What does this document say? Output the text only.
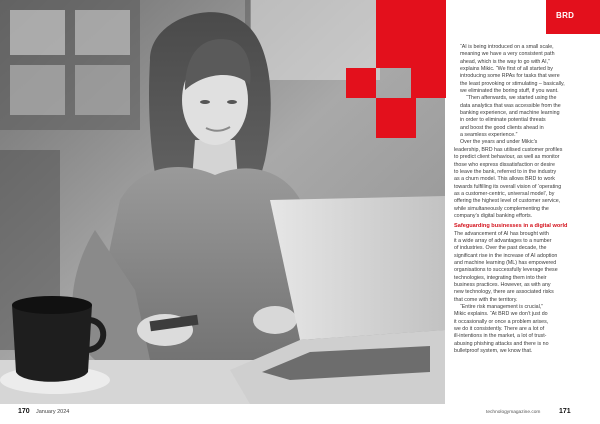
170 January 2024
BRD

“AI is being introduced on a small scale,
meaning we have a very consistent path
ahead, which is the way to go with AI,”
explains Mikic. “We first of all started by
introducing some RPAs for tasks that were
the least provoking or stimulating – basically,
we eliminated the boring stuff, if you want.
“Then afterwards, we started using the
data analytics that was accessible from the
banking experience, and machine learning
in order to eliminate potential threats
and boost the good clients ahead in
a seamless experience.”

Over the years and under Mikic’s
leadership, BRD has utilised customer profiles
to predict client behaviour, as well as monitor
those who express dissatisfaction or desire
to leave the bank, referred to in the industry
as a churn model. This allows BRD to work
towards fulfilling its overall vision of ‘operating
as a customer-centric, universal model’, by
offering the highest level of customer service,
while simultaneously complementing the
company’s digital banking efforts.

Safeguarding businesses in a digital world

The advancement of AI has brought with
it a wide array of advantages to a number
of industries. Over the past decade, the
significant rise in the increase of AI adoption
and machine learning (ML) has empowered
organisations to successfully leverage these
technologies, integrating them into their
business practices. However, as with any
new technology, there are associated risks
that come with the territory.

“Entire risk management is crucial,”
Mikic explains. “At BRD we don’t just do
it occasionally or once a problem arises,
we do it consistently. There are a lot of
ill-intentions in the market, a lot of trust-
abusing phishing attacks and there is no
bulletproof system, we know that.

technologymagazine.com	171
